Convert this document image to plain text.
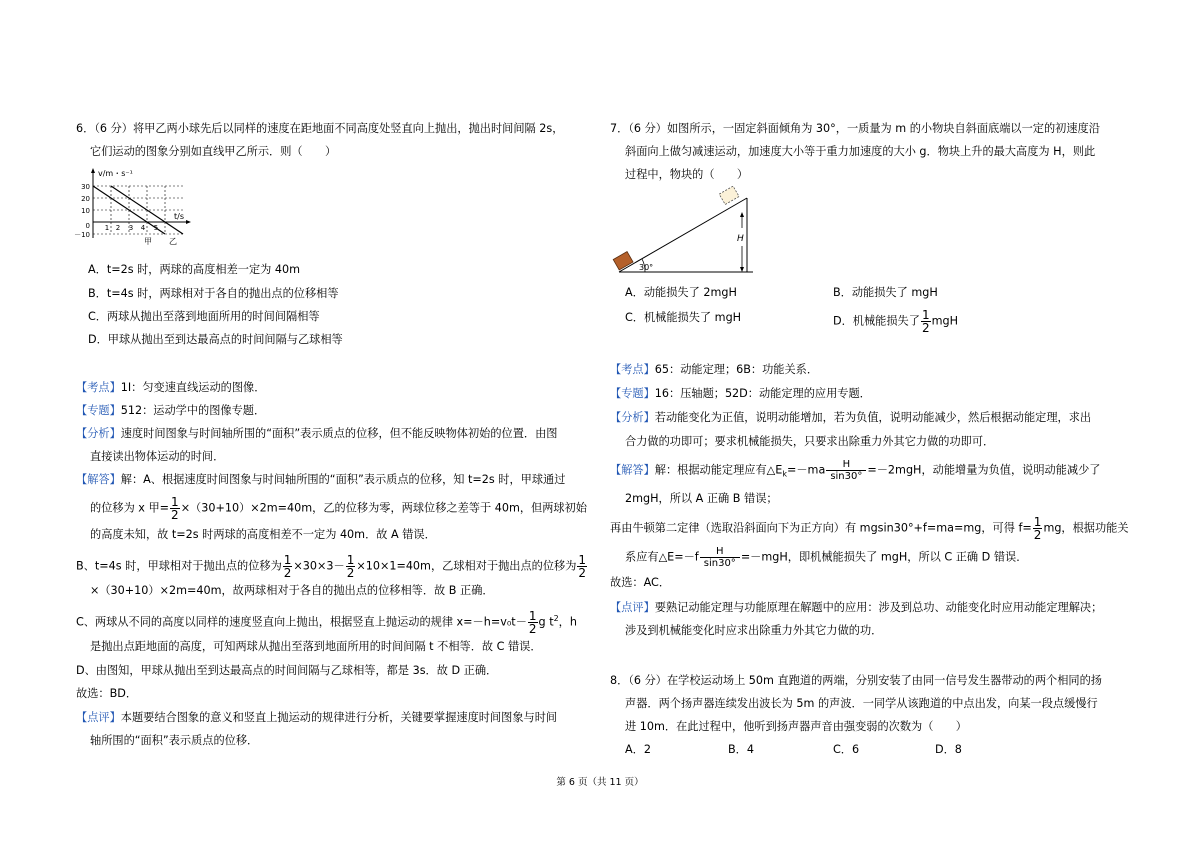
6．（6 分）将甲乙两小球先后以同样的速度在距地面不同高度处竖直向上抛出，抛出时间间隔 2s，
它们运动的图象分别如直线甲乙所示．则（　　）
v/m・s⁻¹
t/s
30
20
10
0
－10
1 2 3 4 5
甲 乙
A．t=2s 时，两球的高度相差一定为 40m
B．t=4s 时，两球相对于各自的抛出点的位移相等
C．两球从抛出至落到地面所用的时间间隔相等
D．甲球从抛出至到达最高点的时间间隔与乙球相等
【考点】1I：匀变速直线运动的图像．
【专题】512：运动学中的图像专题．
【分析】速度时间图象与时间轴所围的“面积”表示质点的位移，但不能反映物体初始的位置．由图
直接读出物体运动的时间．
【解答】解：A、根据速度时间图象与时间轴所围的“面积”表示质点的位移，知 t=2s 时，甲球通过
的位移为 x 甲= $\frac{1}{2} \times(30+10)\times 2m=40m$，乙的位移为零，两球位移之差等于 40m，但两球初始
的高度未知，故 t=2s 时两球的高度相差不一定为 40m．故 A 错误．
B、t=4s 时，甲球相对于抛出点的位移为 $\frac{1}{2} \times 30\times 3- \frac{1}{2} \times 10\times 1=40m$，乙球相对于抛出点的位移为 $\frac{1}{2}$
×（30+10）×2m=40m，故两球相对于各自的抛出点的位移相等．故 B 正确．
C、两球从不同的高度以同样的速度竖直向上抛出，根据竖直上抛运动的规律 $x=-h=v_0t- \frac{1}{2}$ g $t^2$，h
是抛出点距地面的高度，可知两球从抛出至落到地面所用的时间间隔 t 不相等．故 C 错误．
D、由图知，甲球从抛出至到达最高点的时间间隔与乙球相等，都是 3s．故 D 正确．
故选：BD．
【点评】本题要结合图象的意义和竖直上抛运动的规律进行分析，关键要掌握速度时间图象与时间
轴所围的“面积”表示质点的位移．
7．（6 分）如图所示，一固定斜面倾角为 30°，一质量为 m 的小物块自斜面底端以一定的初速度沿
斜面向上做匀减速运动，加速度大小等于重力加速度的大小 g．物块上升的最大高度为 H，则此
过程中，物块的（　　）
H
30°
A．动能损失了 2mgH	B．动能损失了 mgH
C．机械能损失了 mgH	D．机械能损失了 $\frac{1}{2}$ mgH
【考点】65：动能定理；6B：功能关系．
【专题】16：压轴题；52D：动能定理的应用专题．
【分析】若动能变化为正值，说明动能增加，若为负值，说明动能减少，然后根据动能定理，求出
合力做的功即可；要求机械能损失，只要求出除重力外其它力做的功即可．
【解答】解：根据动能定理应有$\triangle E_k=-ma \frac{H}{\sin 30^\circ} =-2mgH$，动能增量为负值，说明动能减少了
2mgH，所以 A 正确 B 错误；
再由牛顿第二定律（选取沿斜面向下为正方向）有 mgsin30°+f=ma=mg，可得 $f= \frac{1}{2}$ mg，根据功能关
系应有△E=－f $\frac{H}{\sin 30^\circ} =-mgH$，即机械能损失了 mgH，所以 C 正确 D 错误．
故选：AC．
【点评】要熟记动能定理与功能原理在解题中的应用：涉及到总功、动能变化时应用动能定理解决；
涉及到机械能变化时应求出除重力外其它力做的功．
8．（6 分）在学校运动场上 50m 直跑道的两端，分别安装了由同一信号发生器带动的两个相同的扬
声器．两个扬声器连续发出波长为 5m 的声波．一同学从该跑道的中点出发，向某一段点缓慢行
进 10m．在此过程中，他听到扬声器声音由强变弱的次数为（　　）
A．2	B．4	C．6	D．8
第 6 页（共 11 页）
